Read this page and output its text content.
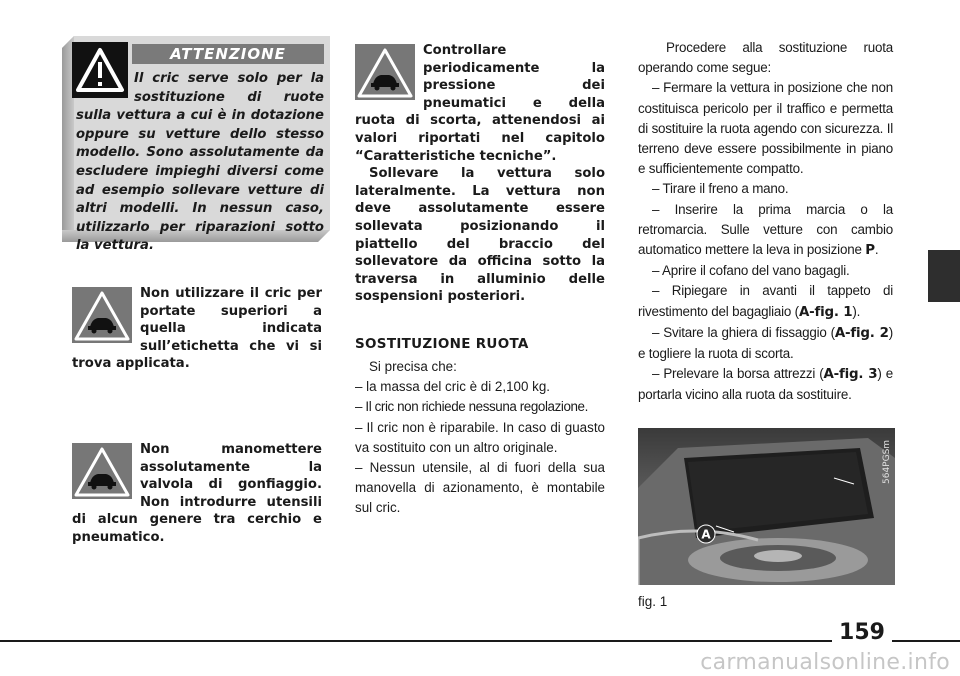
ATTENZIONE
Il cric serve solo per la sostituzione di ruote sulla vettura a cui è in dotazione oppure su vetture dello stesso modello. Sono assolutamente da escludere impieghi diversi come ad esempio sollevare vetture di altri modelli. In nessun caso, utilizzarlo per riparazioni sotto la vettura.
Non utilizzare il cric per portate superiori a quella indicata sull’etichetta che vi si trova applicata.
Non manomettere assolutamente la valvola di gonfiaggio. Non introdurre utensili di alcun genere tra cerchio e pneumatico.
Controllare periodicamente la pressione dei pneumatici e della ruota di scorta, attenendosi ai valori riportati nel capitolo “Caratteristiche tecniche”.
Sollevare la vettura solo lateralmente. La vettura non deve assolutamente essere sollevata posizionando il piattello del braccio del sollevatore da officina sotto la traversa in alluminio delle sospensioni posteriori.
SOSTITUZIONE RUOTA

Si precisa che:

– la massa del cric è di 2,100 kg.

– Il cric non richiede nessuna regolazione.

– Il cric non è riparabile. In caso di guasto va sostituito con un altro originale.

– Nessun utensile, al di fuori della sua manovella di azionamento, è montabile sul cric.

Procedere alla sostituzione ruota operando come segue:

– Fermare la vettura in posizione che non costituisca pericolo per il traffico e permetta di sostituire la ruota agendo con sicurezza. Il terreno deve essere possibilmente in piano e sufficientemente compatto.

– Tirare il freno a mano.

– Inserire la prima marcia o la retromarcia. Sulle vetture con cambio automatico mettere la leva in posizione P.

– Aprire il cofano del vano bagagli.

– Ripiegare in avanti il tappeto di rivestimento del bagagliaio (A-fig. 1).

– Svitare la ghiera di fissaggio (A-fig. 2) e togliere la ruota di scorta.

– Prelevare la borsa attrezzi (A-fig. 3) e portarla vicino alla ruota da sostituire.

A
564PGSm
fig. 1
159
carmanualsonline.info
